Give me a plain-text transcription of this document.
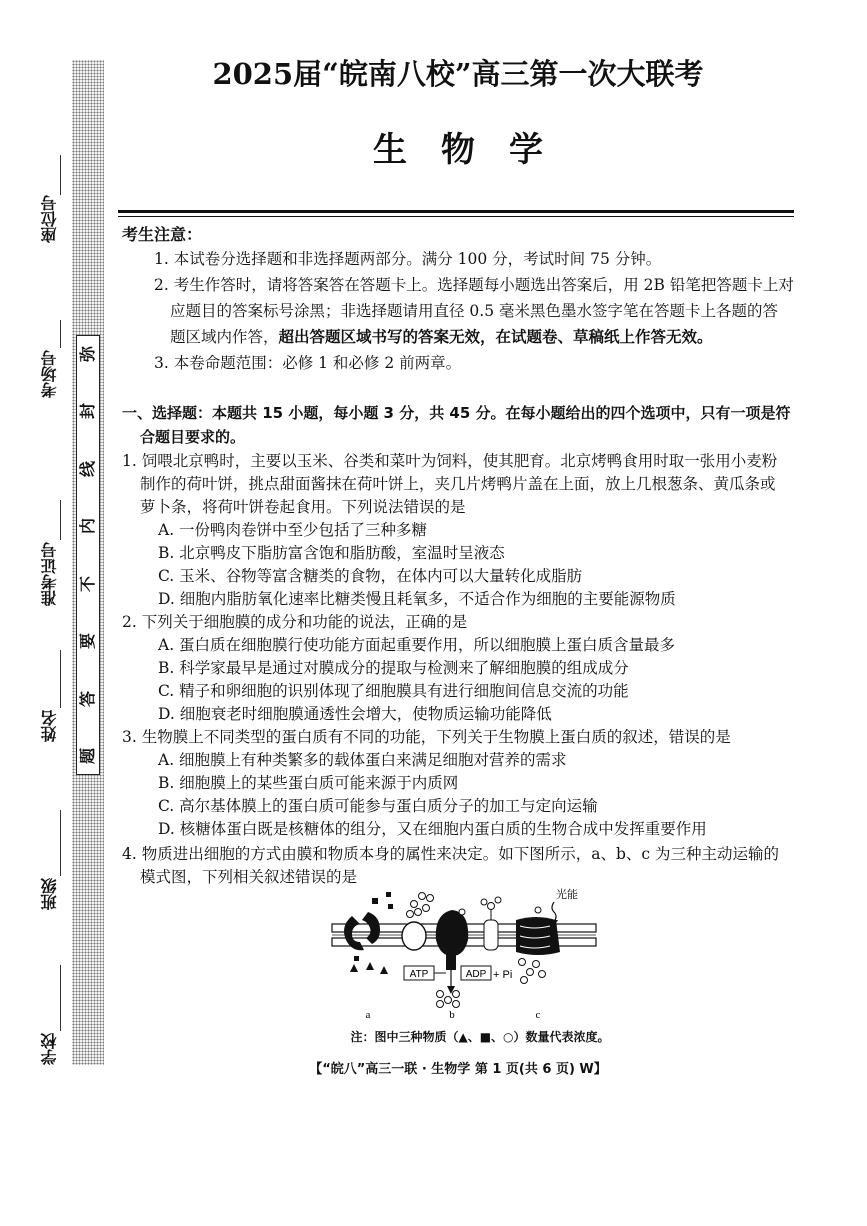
弥
封
线
内
不
要
答
题
座位号
考场号
准考证号
姓名
班级
学校
2025届“皖南八校”高三第一次大联考
生物学
考生注意：
1. 本试卷分选择题和非选择题两部分。满分 100 分，考试时间 75 分钟。
2. 考生作答时，请将答案答在答题卡上。选择题每小题选出答案后，用 2B 铅笔把答题卡上对
应题目的答案标号涂黑；非选择题请用直径 0.5 毫米黑色墨水签字笔在答题卡上各题的答
题区域内作答，超出答题区域书写的答案无效，在试题卷、草稿纸上作答无效。
3. 本卷命题范围：必修 1 和必修 2 前两章。
一、选择题：本题共 15 小题，每小题 3 分，共 45 分。在每小题给出的四个选项中，只有一项是符
合题目要求的。
1. 饲喂北京鸭时，主要以玉米、谷类和菜叶为饲料，使其肥育。北京烤鸭食用时取一张用小麦粉
制作的荷叶饼，挑点甜面酱抹在荷叶饼上，夹几片烤鸭片盖在上面，放上几根葱条、黄瓜条或
萝卜条，将荷叶饼卷起食用。下列说法错误的是
A. 一份鸭肉卷饼中至少包括了三种多糖
B. 北京鸭皮下脂肪富含饱和脂肪酸，室温时呈液态
C. 玉米、谷物等富含糖类的食物，在体内可以大量转化成脂肪
D. 细胞内脂肪氧化速率比糖类慢且耗氧多，不适合作为细胞的主要能源物质
2. 下列关于细胞膜的成分和功能的说法，正确的是
A. 蛋白质在细胞膜行使功能方面起重要作用，所以细胞膜上蛋白质含量最多
B. 科学家最早是通过对膜成分的提取与检测来了解细胞膜的组成成分
C. 精子和卵细胞的识别体现了细胞膜具有进行细胞间信息交流的功能
D. 细胞衰老时细胞膜通透性会增大，使物质运输功能降低
3. 生物膜上不同类型的蛋白质有不同的功能，下列关于生物膜上蛋白质的叙述，错误的是
A. 细胞膜上有种类繁多的载体蛋白来满足细胞对营养的需求
B. 细胞膜上的某些蛋白质可能来源于内质网
C. 高尔基体膜上的蛋白质可能参与蛋白质分子的加工与定向运输
D. 核糖体蛋白既是核糖体的组分，又在细胞内蛋白质的生物合成中发挥重要作用
4. 物质进出细胞的方式由膜和物质本身的属性来决定。如下图所示，a、b、c 为三种主动运输的
模式图，下列相关叙述错误的是
ATP	ADP + Pi
光能
a	b	c
注：图中三种物质（▲、■、○）数量代表浓度。
【“皖八”高三一联 · 生物学 第 1 页(共 6 页) W】
